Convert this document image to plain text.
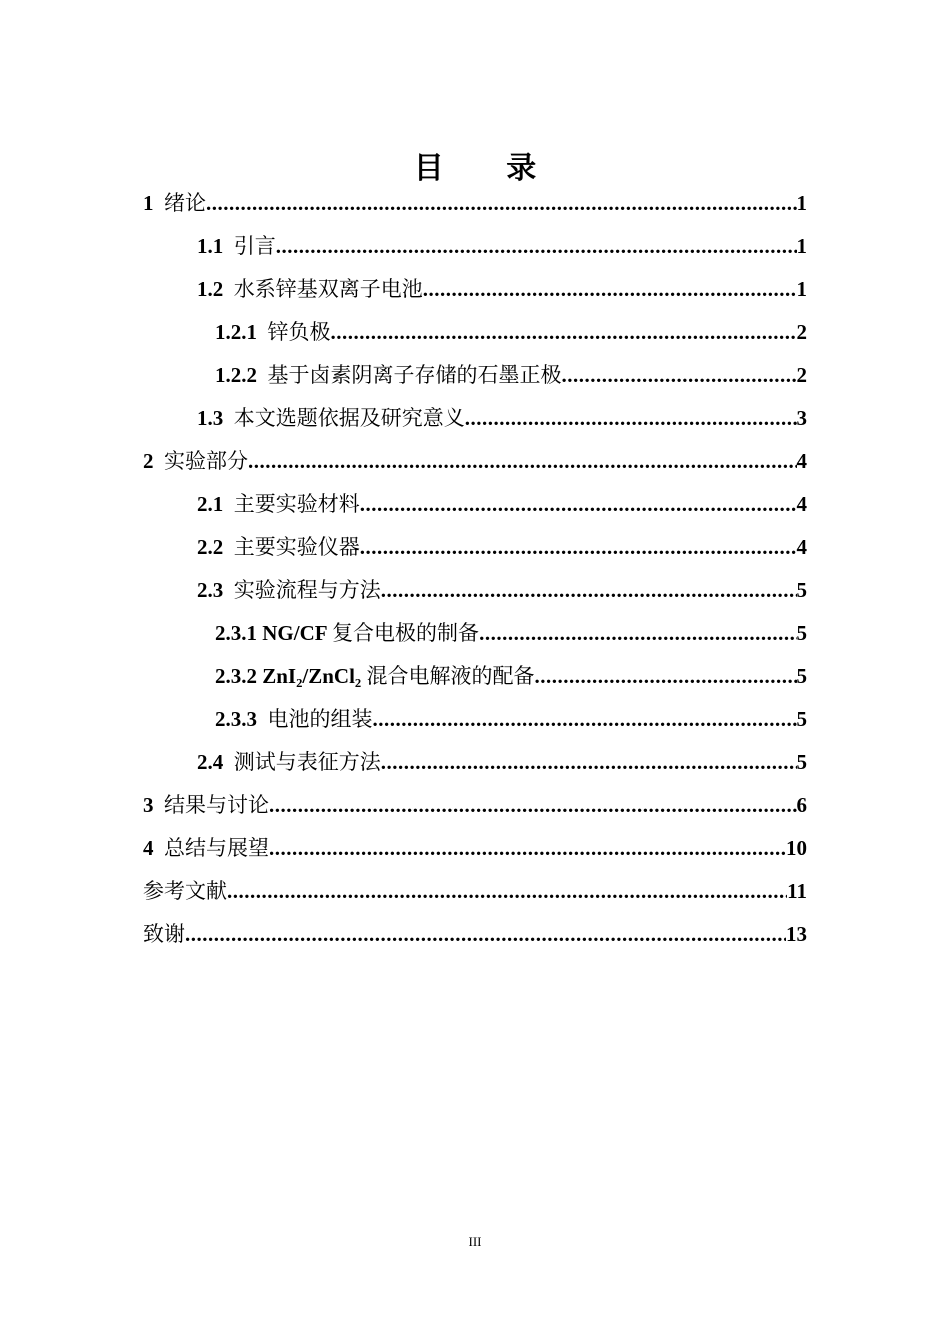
目 录
1 绪论 .....	1
1.1 引言 .....	1
1.2 水系锌基双离子电池 .....	1
1.2.1 锌负极 .....	2
1.2.2 基于卤素阴离子存储的石墨正极 .....	2
1.3 本文选题依据及研究意义 .....	3
2 实验部分 .....	4
2.1 主要实验材料 .....	4
2.2 主要实验仪器 .....	4
2.3 实验流程与方法 .....	5
2.3.1 NG/CF 复合电极的制备 .....	5
2.3.2 ZnI₂/ZnCl₂ 混合电解液的配备 .....	5
2.3.3 电池的组装 .....	5
2.4 测试与表征方法 .....	5
3 结果与讨论 .....	6
4 总结与展望 .....	10
参考文献 .....	11
致谢 .....	13
III
